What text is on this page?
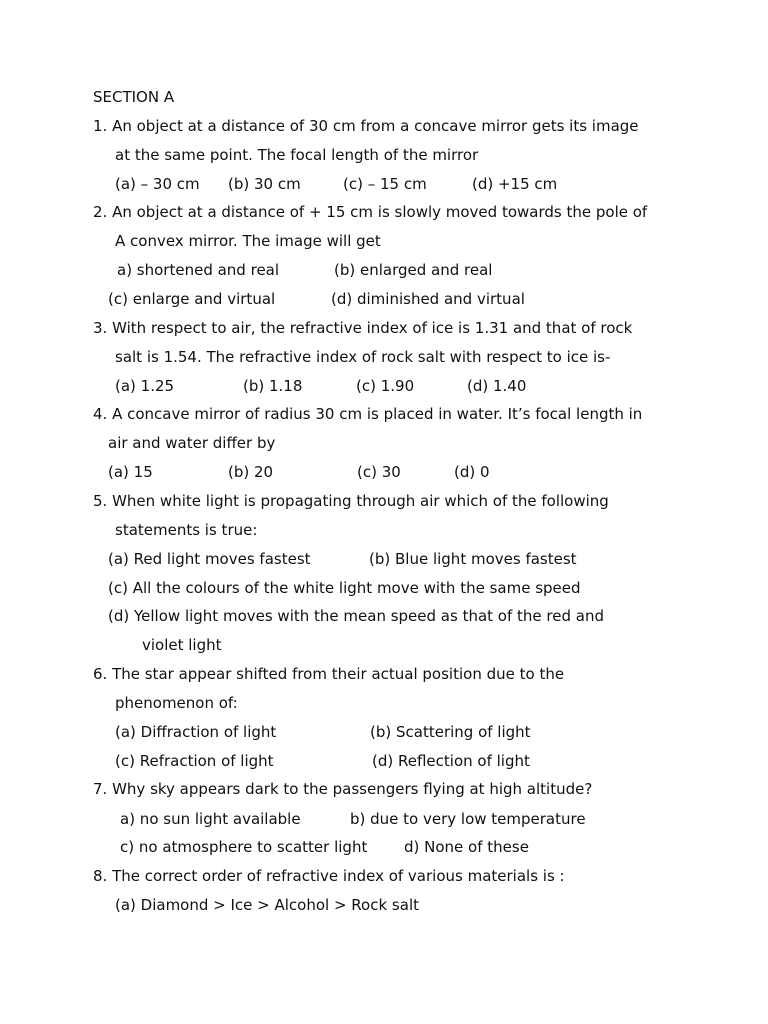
SECTION A
1. An object at a distance of 30 cm from a concave mirror gets its image
at the same point. The focal length of the mirror
(a) – 30 cm (b) 30 cm	(c) – 15 cm	(d) +15 cm
2. An object at a distance of + 15 cm is slowly moved towards the pole of
A convex mirror. The image will get
a) shortened and real	(b) enlarged and real
(c) enlarge and virtual	(d) diminished and virtual
3. With respect to air, the refractive index of ice is 1.31 and that of rock
salt is 1.54. The refractive index of rock salt with respect to ice is-
(a) 1.25	(b) 1.18	(c) 1.90	(d) 1.40
4. A concave mirror of radius 30 cm is placed in water. It’s focal length in
air and water differ by
(a) 15	(b) 20	(c) 30	(d) 0
5. When white light is propagating through air which of the following
statements is true:
(a) Red light moves fastest	(b) Blue light moves fastest
(c) All the colours of the white light move with the same speed
(d) Yellow light moves with the mean speed as that of the red and
violet light
6. The star appear shifted from their actual position due to the
phenomenon of:
(a) Diffraction of light	(b) Scattering of light
(c) Refraction of light	(d) Reflection of light
7. Why sky appears dark to the passengers flying at high altitude?
a) no sun light available	b) due to very low temperature
c) no atmosphere to scatter light d) None of these
8. The correct order of refractive index of various materials is :
(a) Diamond > Ice > Alcohol > Rock salt
